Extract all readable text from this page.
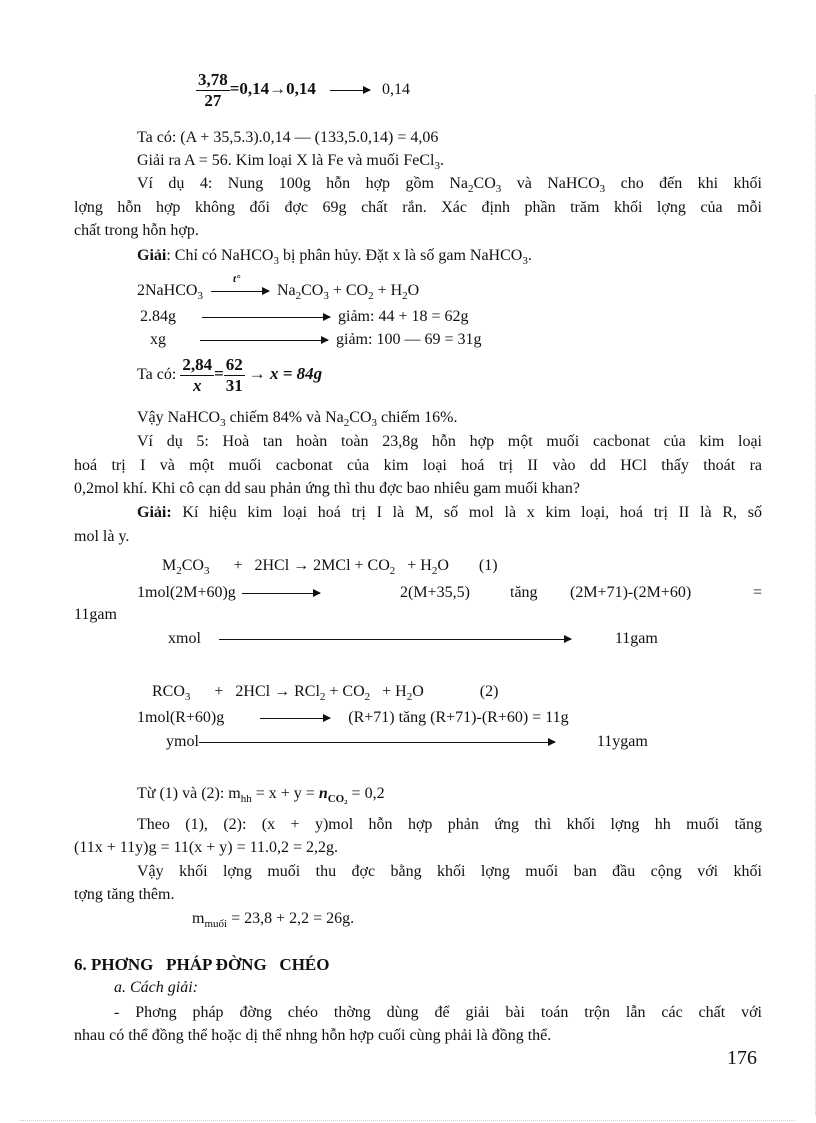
$\frac{3,78}{27} =0,14\to 0,14$	0,14
Ta có: (A + 35,5.3).0,14 — (133,5.0,14) = 4,06
Giải ra A = 56. Kim loại X là Fe và muối FeCl$_3$.
Ví dụ 4: Nung 100g hỗn hợp gồm $Na_2CO_3$ và NaHCO$_3$ cho đến khi khối
lợng hỗn hợp không đổi đợc 69g chất rắn. Xác định phần trăm khối lợng của mỗi
chất trong hỗn hợp.
Giải: Chỉ có NaHCO$_3$ bị phân hủy. Đặt x là số gam NaHCO$_3$.
2NaHCO$_3$
t°
$Na_2CO_3 + CO_2 + H_2O$
2.84g	giảm: 44 + 18 = 62g
xg	giảm: 100 — 69 = 31g
Ta có: $\frac{2,84}{x} = \frac{62}{31} \to x = 84g$
Vậy NaHCO$_3$ chiếm 84% và $Na_2CO_3$ chiếm 16%.
Ví dụ 5: Hoà tan hoàn toàn 23,8g hỗn hợp một muối cacbonat của kim loại
hoá trị I và một muối cacbonat của kim loại hoá trị II vào dd HCl thấy thoát ra
0,2mol khí. Khi cô cạn dd sau phản ứng thì thu đợc bao nhiêu gam muối khan?
Giải: Kí hiệu kim loại hoá trị I là M, số mol là x kim loại, hoá trị II là R, số
mol là y.
$M_2CO_3$      +   $2HCl \to 2MCl + CO_2 + H_2O$ (1)
1mol(2M+60)g	2(M+35,5)	tăng (2M+71)-(2M+60)	=
11gam
xmol	11gam
$RCO_3$      +   $2HCl \to RCl_2 + CO_2 + H_2O$	(2)
1mol(R+60)g	(R+71) tăng (R+71)-(R+60) = 11g
ymol	11ygam
Từ (1) và (2): $m_{hh} = x + y = n_{CO_2} = 0,2$
Theo (1), (2): (x + y)mol hỗn hợp phản ứng thì khối lợng hh muối tăng
(11x + 11y)g = 11(x + y) = 11.0,2 = 2,2g.
Vậy khối lợng muối thu đợc bằng khối lợng muối ban đầu cộng với khối
tợng tăng thêm.
$m_{muối} = 23,8 + 2,2 = 26g$.
6. PHƠNG   PHÁP ĐỜNG   CHÉO
a. Cách giải:
- Phơng pháp đờng chéo thờng dùng để giải bài toán trộn lẫn các chất với
nhau có thể đồng thể hoặc dị thể nhng hỗn hợp cuối cùng phải là đồng thể.
176
